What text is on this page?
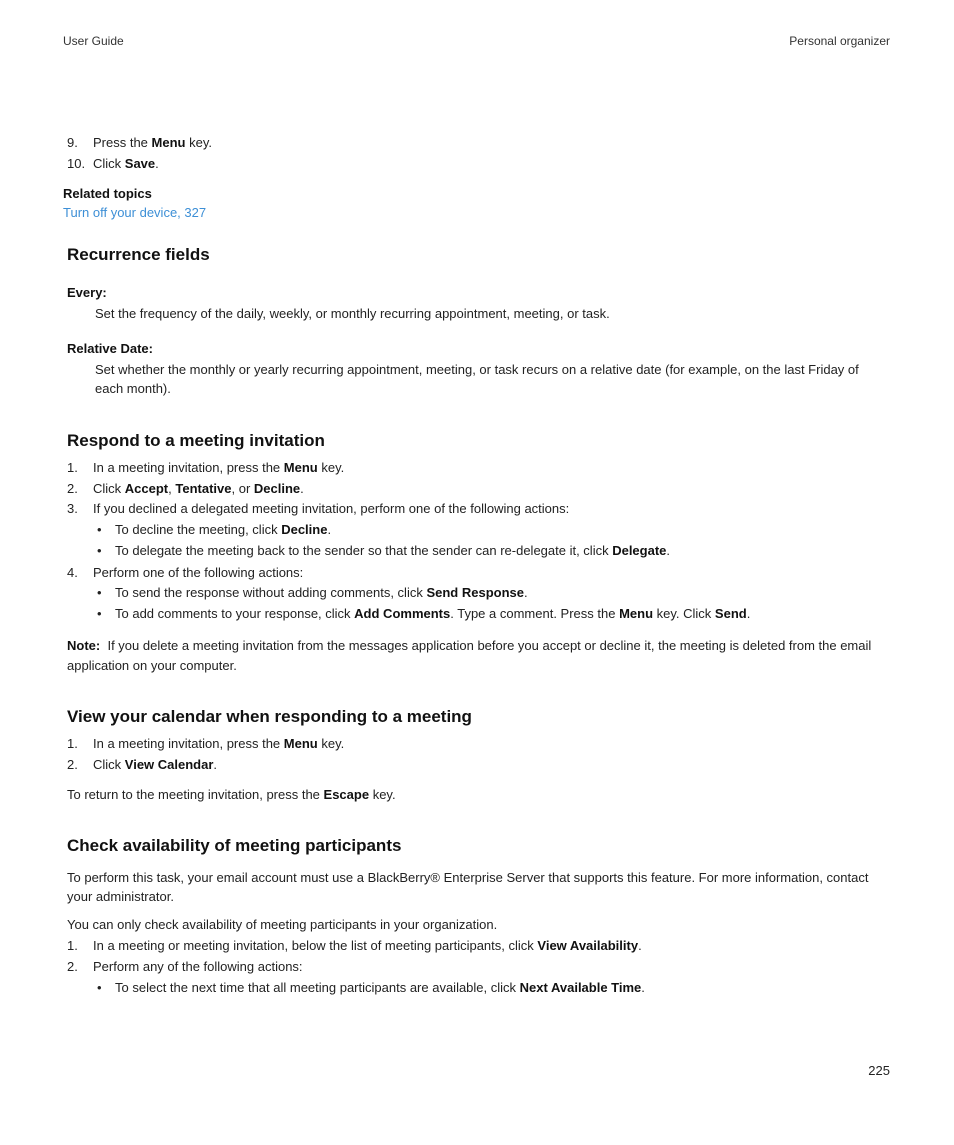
User Guide	Personal organizer
9. Press the Menu key.
10. Click Save.
Related topics
Turn off your device, 327
Recurrence fields
Every:
Set the frequency of the daily, weekly, or monthly recurring appointment, meeting, or task.
Relative Date:
Set whether the monthly or yearly recurring appointment, meeting, or task recurs on a relative date (for example, on the last Friday of
each month).
Respond to a meeting invitation
1. In a meeting invitation, press the Menu key.
2. Click Accept, Tentative, or Decline.
3. If you declined a delegated meeting invitation, perform one of the following actions:
• To decline the meeting, click Decline.
• To delegate the meeting back to the sender so that the sender can re-delegate it, click Delegate.
4. Perform one of the following actions:
• To send the response without adding comments, click Send Response.
• To add comments to your response, click Add Comments. Type a comment. Press the Menu key. Click Send.
Note: If you delete a meeting invitation from the messages application before you accept or decline it, the meeting is deleted from the email
application on your computer.
View your calendar when responding to a meeting
1. In a meeting invitation, press the Menu key.
2. Click View Calendar.
To return to the meeting invitation, press the Escape key.
Check availability of meeting participants
To perform this task, your email account must use a BlackBerry® Enterprise Server that supports this feature. For more information, contact
your administrator.
You can only check availability of meeting participants in your organization.
1. In a meeting or meeting invitation, below the list of meeting participants, click View Availability.
2. Perform any of the following actions:
• To select the next time that all meeting participants are available, click Next Available Time.
225
